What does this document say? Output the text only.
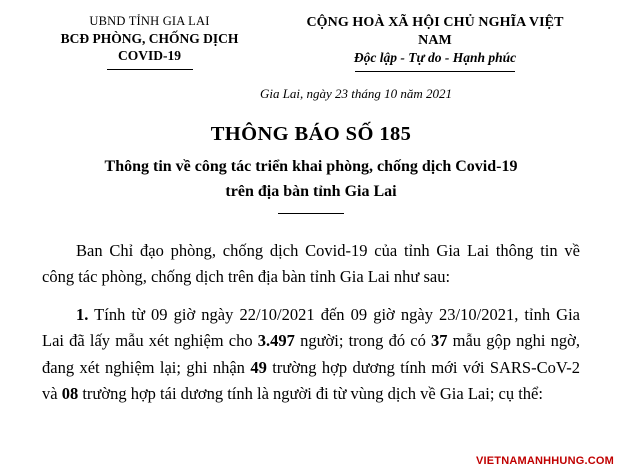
UBND TỈNH GIA LAI
BCĐ PHÒNG, CHỐNG DỊCH COVID-19
CỘNG HOÀ XÃ HỘI CHỦ NGHĨA VIỆT NAM
Độc lập - Tự do - Hạnh phúc
Gia Lai, ngày 23 tháng 10 năm 2021
THÔNG BÁO SỐ 185
Thông tin về công tác triển khai phòng, chống dịch Covid-19
trên địa bàn tỉnh Gia Lai

Ban Chỉ đạo phòng, chống dịch Covid-19 của tỉnh Gia Lai thông tin về công tác phòng, chống dịch trên địa bàn tỉnh Gia Lai như sau:

1. Tính từ 09 giờ ngày 22/10/2021 đến 09 giờ ngày 23/10/2021, tỉnh Gia Lai đã lấy mẫu xét nghiệm cho 3.497 người; trong đó có 37 mẫu gộp nghi ngờ, đang xét nghiệm lại; ghi nhận 49 trường hợp dương tính mới với SARS-CoV-2 và 08 trường hợp tái dương tính là người đi từ vùng dịch về Gia Lai; cụ thể:

VIETNAMANHHUNG.COM
